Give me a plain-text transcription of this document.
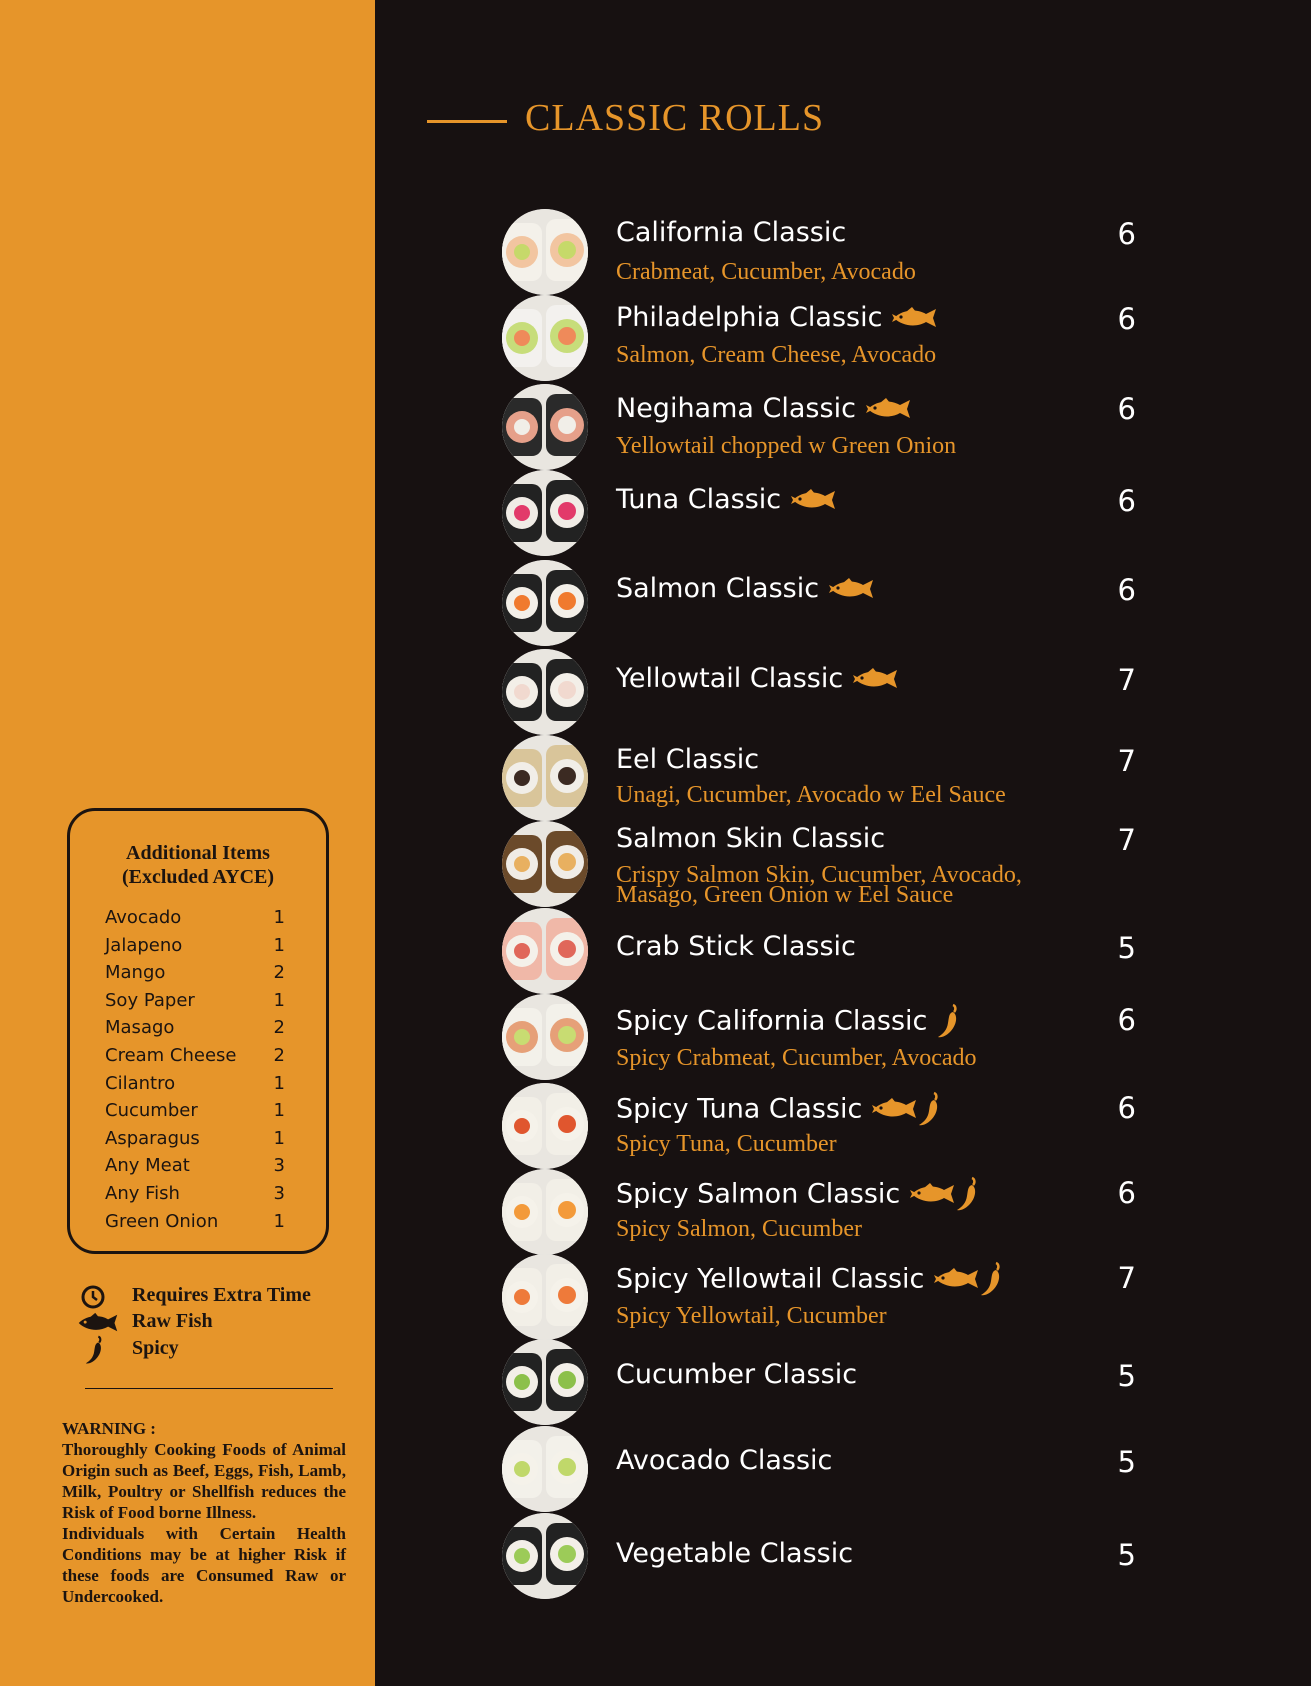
Additional Items
(Excluded AYCE)
Avocado	1
Jalapeno	1
Mango	2
Soy Paper	1
Masago	2
Cream Cheese 2
Cilantro	1
Cucumber	1
Asparagus	1
Any Meat	3
Any Fish	3
Green Onion	1
Requires Extra Time
Raw Fish
Spicy
WARNING :
Thoroughly Cooking Foods of Animal Origin such as Beef, Eggs, Fish, Lamb, Milk, Poultry or Shellfish reduces the Risk of Food borne Illness.
Individuals with Certain Health Conditions may be at higher Risk if these foods are Consumed Raw or Undercooked.
CLASSIC ROLLS
California Classic	6
Crabmeat, Cucumber, Avocado
Philadelphia Classic	6
Salmon, Cream Cheese, Avocado
Negihama Classic	6
Yellowtail chopped w Green Onion
Tuna Classic	6
Salmon Classic	6
Yellowtail Classic	7
Eel Classic	7
Unagi, Cucumber, Avocado w Eel Sauce
Salmon Skin Classic	7
Crispy Salmon Skin, Cucumber, Avocado, Masago, Green Onion w Eel Sauce
Crab Stick Classic	5
Spicy California Classic	6
Spicy Crabmeat, Cucumber, Avocado
Spicy Tuna Classic	6
Spicy Tuna, Cucumber
Spicy Salmon Classic	6
Spicy Salmon, Cucumber
Spicy Yellowtail Classic	7
Spicy Yellowtail, Cucumber
Cucumber Classic	5
Avocado Classic	5
Vegetable Classic	5
